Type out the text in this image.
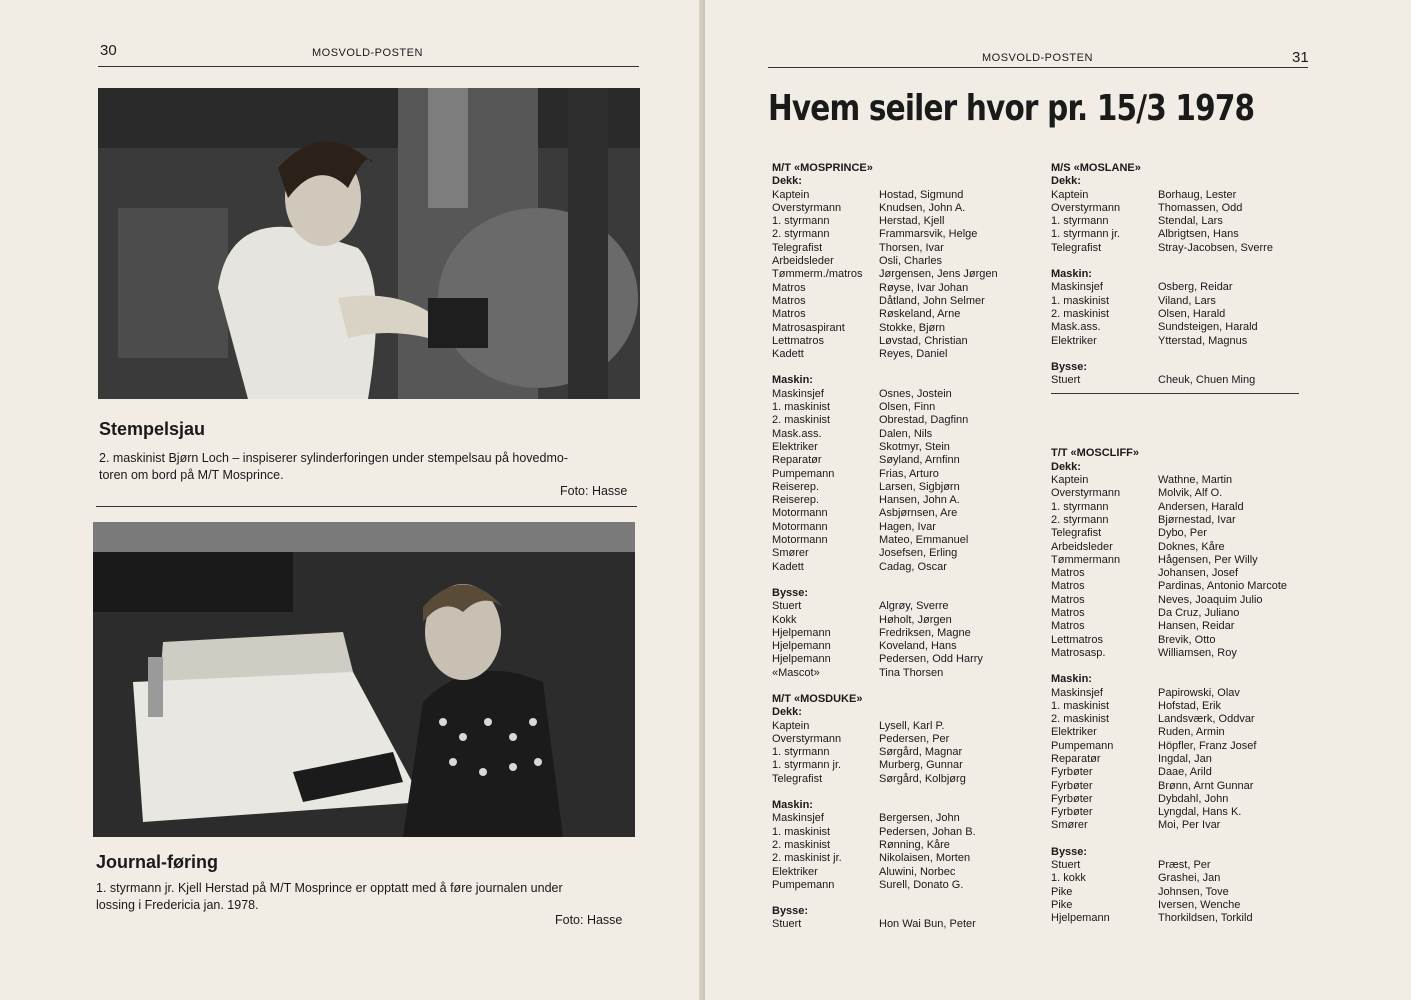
30	MOSVOLD-POSTEN
Stempelsjau
2. maskinist Bjørn Loch – inspiserer sylinderforingen under stempelsau på hovedmo-
toren om bord på M/T Mosprince.
Foto: Hasse
Journal-føring
1. styrmann jr. Kjell Herstad på M/T Mosprince er opptatt med å føre journalen under
lossing i Fredericia jan. 1978.
Foto: Hasse
MOSVOLD-POSTEN	31
Hvem seiler hvor pr. 15/3 1978
M/T «MOSPRINCE»
Dekk:
Kaptein	Hostad, Sigmund
Overstyrmann	Knudsen, John A.
1. styrmann	Herstad, Kjell
2. styrmann	Frammarsvik, Helge
Telegrafist	Thorsen, Ivar
Arbeidsleder	Osli, Charles
Tømmerm./matros	Jørgensen, Jens Jørgen
Matros	Røyse, Ivar Johan
Matros	Dåtland, John Selmer
Matros	Røskeland, Arne
Matrosaspirant	Stokke, Bjørn
Lettmatros	Løvstad, Christian
Kadett	Reyes, Daniel
Maskin:
Maskinsjef	Osnes, Jostein
1. maskinist	Olsen, Finn
2. maskinist	Obrestad, Dagfinn
Mask.ass.	Dalen, Nils
Elektriker	Skotmyr, Stein
Reparatør	Søyland, Arnfinn
Pumpemann	Frias, Arturo
Reiserep.	Larsen, Sigbjørn
Reiserep.	Hansen, John A.
Motormann	Asbjørnsen, Are
Motormann	Hagen, Ivar
Motormann	Mateo, Emmanuel
Smører	Josefsen, Erling
Kadett	Cadag, Oscar
Bysse:
Stuert	Algrøy, Sverre
Kokk	Høholt, Jørgen
Hjelpemann	Fredriksen, Magne
Hjelpemann	Koveland, Hans
Hjelpemann	Pedersen, Odd Harry
«Mascot»	Tina Thorsen
M/T «MOSDUKE»
Dekk:
Kaptein	Lysell, Karl P.
Overstyrmann	Pedersen, Per
1. styrmann	Sørgård, Magnar
1. styrmann jr.	Murberg, Gunnar
Telegrafist	Sørgård, Kolbjørg
Maskin:
Maskinsjef	Bergersen, John
1. maskinist	Pedersen, Johan B.
2. maskinist	Rønning, Kåre
2. maskinist jr.	Nikolaisen, Morten
Elektriker	Aluwini, Norbec
Pumpemann	Surell, Donato G.
Bysse:
Stuert	Hon Wai Bun, Peter
M/S «MOSLANE»
Dekk:
Kaptein	Borhaug, Lester
Overstyrmann	Thomassen, Odd
1. styrmann	Stendal, Lars
1. styrmann jr.	Albrigtsen, Hans
Telegrafist	Stray-Jacobsen, Sverre
Maskin:
Maskinsjef	Osberg, Reidar
1. maskinist	Viland, Lars
2. maskinist	Olsen, Harald
Mask.ass.	Sundsteigen, Harald
Elektriker	Ytterstad, Magnus
Bysse:
Stuert	Cheuk, Chuen Ming
T/T «MOSCLIFF»
Dekk:
Kaptein	Wathne, Martin
Overstyrmann	Molvik, Alf O.
1. styrmann	Andersen, Harald
2. styrmann	Bjørnestad, Ivar
Telegrafist	Dybo, Per
Arbeidsleder	Doknes, Kåre
Tømmermann	Hågensen, Per Willy
Matros	Johansen, Josef
Matros	Pardinas, Antonio Marcote
Matros	Neves, Joaquim Julio
Matros	Da Cruz, Juliano
Matros	Hansen, Reidar
Lettmatros	Brevik, Otto
Matrosasp.	Williamsen, Roy
Maskin:
Maskinsjef	Papirowski, Olav
1. maskinist	Hofstad, Erik
2. maskinist	Landsværk, Oddvar
Elektriker	Ruden, Armin
Pumpemann	Höpfler, Franz Josef
Reparatør	Ingdal, Jan
Fyrbøter	Daae, Arild
Fyrbøter	Brønn, Arnt Gunnar
Fyrbøter	Dybdahl, John
Fyrbøter	Lyngdal, Hans K.
Smører	Moi, Per Ivar
Bysse:
Stuert	Præst, Per
1. kokk	Grashei, Jan
Pike	Johnsen, Tove
Pike	Iversen, Wenche
Hjelpemann	Thorkildsen, Torkild
